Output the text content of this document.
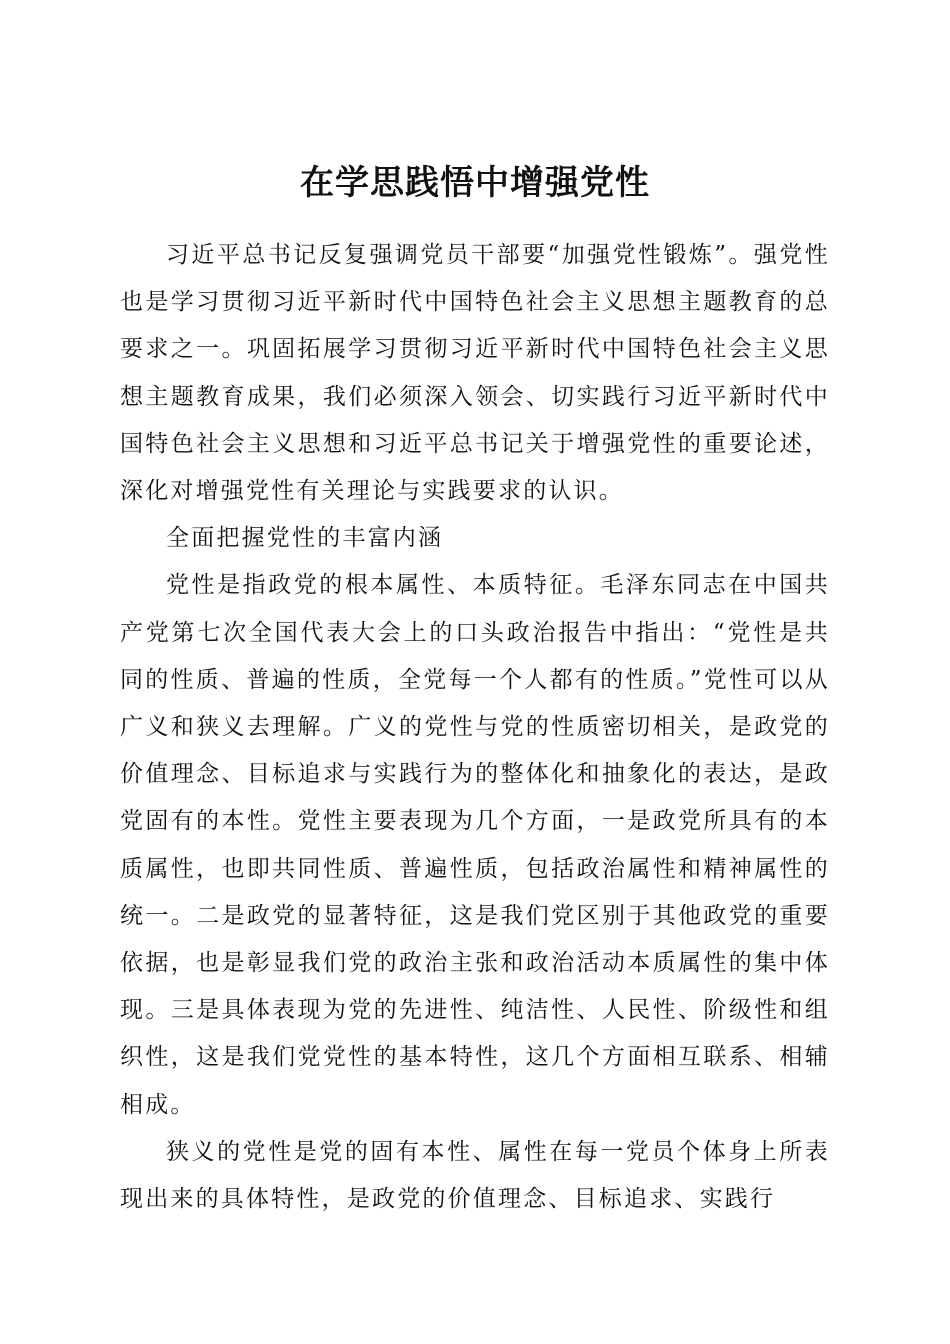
在学思践悟中增强党性

习近平总书记反复强调党员干部要“加强党性锻炼”。强党性也是学习贯彻习近平新时代中国特色社会主义思想主题教育的总要求之一。巩固拓展学习贯彻习近平新时代中国特色社会主义思想主题教育成果，我们必须深入领会、切实践行习近平新时代中国特色社会主义思想和习近平总书记关于增强党性的重要论述，深化对增强党性有关理论与实践要求的认识。

全面把握党性的丰富内涵

党性是指政党的根本属性、本质特征。毛泽东同志在中国共产党第七次全国代表大会上的口头政治报告中指出：“党性是共同的性质、普遍的性质，全党每一个人都有的性质。”党性可以从广义和狭义去理解。广义的党性与党的性质密切相关，是政党的价值理念、目标追求与实践行为的整体化和抽象化的表达，是政党固有的本性。党性主要表现为几个方面，一是政党所具有的本质属性，也即共同性质、普遍性质，包括政治属性和精神属性的统一。二是政党的显著特征，这是我们党区别于其他政党的重要依据，也是彰显我们党的政治主张和政治活动本质属性的集中体现。三是具体表现为党的先进性、纯洁性、人民性、阶级性和组织性，这是我们党党性的基本特性，这几个方面相互联系、相辅相成。

狭义的党性是党的固有本性、属性在每一党员个体身上所表现出来的具体特性，是政党的价值理念、目标追求、实践行
